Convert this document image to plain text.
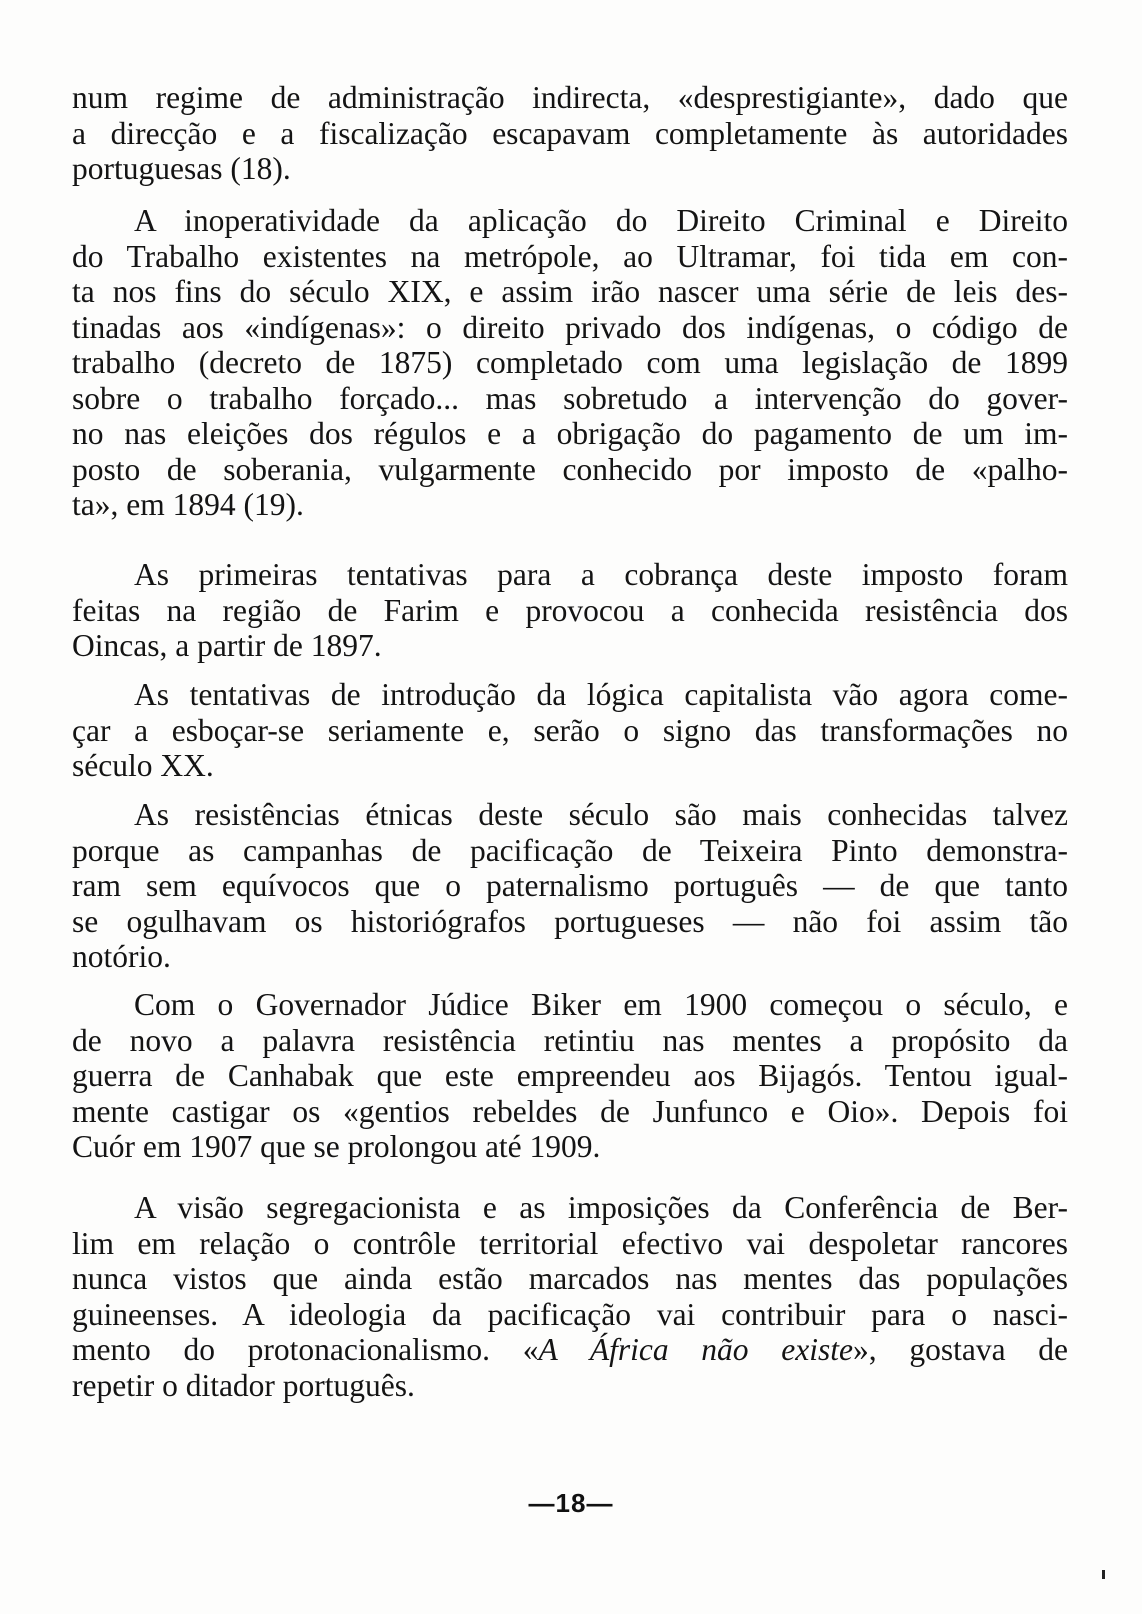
num regime de administração indirecta, «desprestigiante», dado que
a direcção e a fiscalização escapavam completamente às autoridades
portuguesas (18).
A inoperatividade da aplicação do Direito Criminal e Direito
do Trabalho existentes na metrópole, ao Ultramar, foi tida em con-
ta nos fins do século XIX, e assim irão nascer uma série de leis des-
tinadas aos «indígenas»: o direito privado dos indígenas, o código de
trabalho (decreto de 1875) completado com uma legislação de 1899
sobre o trabalho forçado... mas sobretudo a intervenção do gover-
no nas eleições dos régulos e a obrigação do pagamento de um im-
posto de soberania, vulgarmente conhecido por imposto de «palho-
ta», em 1894 (19).
As primeiras tentativas para a cobrança deste imposto foram
feitas na região de Farim e provocou a conhecida resistência dos
Oincas, a partir de 1897.
As tentativas de introdução da lógica capitalista vão agora come-
çar a esboçar-se seriamente e, serão o signo das transformações no
século XX.
As resistências étnicas deste século são mais conhecidas talvez
porque as campanhas de pacificação de Teixeira Pinto demonstra-
ram sem equívocos que o paternalismo português — de que tanto
se ogulhavam os historiógrafos portugueses — não foi assim tão
notório.
Com o Governador Júdice Biker em 1900 começou o século, e
de novo a palavra resistência retintiu nas mentes a propósito da
guerra de Canhabak que este empreendeu aos Bijagós. Tentou igual-
mente castigar os «gentios rebeldes de Junfunco e Oio». Depois foi
Cuór em 1907 que se prolongou até 1909.
A visão segregacionista e as imposições da Conferência de Ber-
lim em relação o contrôle territorial efectivo vai despoletar rancores
nunca vistos que ainda estão marcados nas mentes das populações
guineenses. A ideologia da pacificação vai contribuir para o nasci-
mento do protonacionalismo. «A África não existe», gostava de
repetir o ditador português.
—18—
